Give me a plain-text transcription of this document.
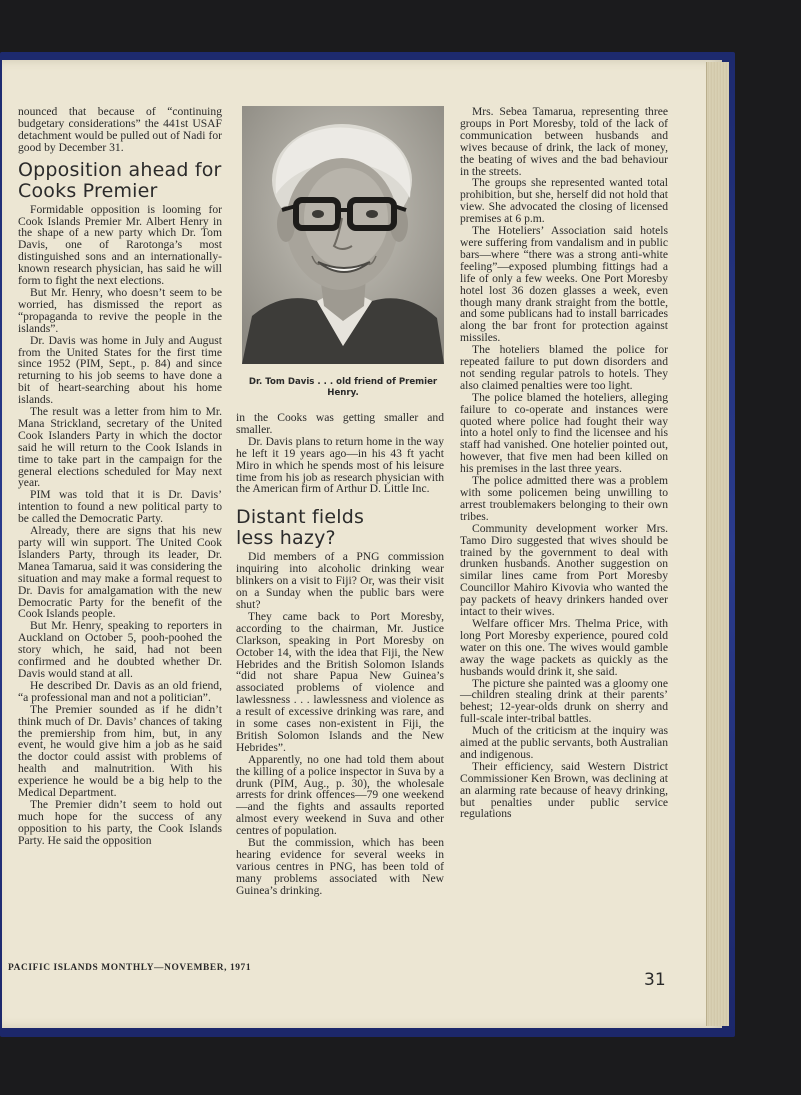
nounced that because of “continuing budgetary considerations” the 441st USAF detachment would be pulled out of Nadi for good by December 31.

Opposition ahead for Cooks Premier

Formidable opposition is looming for Cook Islands Premier Mr. Albert Henry in the shape of a new party which Dr. Tom Davis, one of Rarotonga’s most distinguished sons and an internationally-known research physician, has said he will form to fight the next elections.

But Mr. Henry, who doesn’t seem to be worried, has dismissed the report as “propaganda to revive the people in the islands”.

Dr. Davis was home in July and August from the United States for the first time since 1952 (PIM, Sept., p. 84) and since returning to his job seems to have done a bit of heart-searching about his home islands.

The result was a letter from him to Mr. Mana Strickland, secretary of the United Cook Islanders Party in which the doctor said he will return to the Cook Islands in time to take part in the campaign for the general elections scheduled for May next year.

PIM was told that it is Dr. Davis’ intention to found a new political party to be called the Democratic Party.

Already, there are signs that his new party will win support. The United Cook Islanders Party, through its leader, Dr. Manea Tamarua, said it was considering the situation and may make a formal request to Dr. Davis for amalgamation with the new Democratic Party for the benefit of the Cook Islands people.

But Mr. Henry, speaking to reporters in Auckland on October 5, pooh-poohed the story which, he said, had not been confirmed and he doubted whether Dr. Davis would stand at all.

He described Dr. Davis as an old friend, “a professional man and not a politician”.

The Premier sounded as if he didn’t think much of Dr. Davis’ chances of taking the premiership from him, but, in any event, he would give him a job as he said the doctor could assist with problems of health and malnutrition. With his experience he would be a big help to the Medical Department.

The Premier didn’t seem to hold out much hope for the success of any opposition to his party, the Cook Islands Party. He said the opposition

Dr. Tom Davis . . . old friend of Premier Henry.

in the Cooks was getting smaller and smaller.

Dr. Davis plans to return home in the way he left it 19 years ago—in his 43 ft yacht Miro in which he spends most of his leisure time from his job as research physician with the American firm of Arthur D. Little Inc.

Distant fields less hazy?

Did members of a PNG commission inquiring into alcoholic drinking wear blinkers on a visit to Fiji? Or, was their visit on a Sunday when the public bars were shut?

They came back to Port Moresby, according to the chairman, Mr. Justice Clarkson, speaking in Port Moresby on October 14, with the idea that Fiji, the New Hebrides and the British Solomon Islands “did not share Papua New Guinea’s associated problems of violence and lawlessness . . . lawlessness and violence as a result of excessive drinking was rare, and in some cases non-existent in Fiji, the British Solomon Islands and the New Hebrides”.

Apparently, no one had told them about the killing of a police inspector in Suva by a drunk (PIM, Aug., p. 30), the wholesale arrests for drink offences—79 one weekend—and the fights and assaults reported almost every weekend in Suva and other centres of population.

But the commission, which has been hearing evidence for several weeks in various centres in PNG, has been told of many problems associated with New Guinea’s drinking.

Mrs. Sebea Tamarua, representing three groups in Port Moresby, told of the lack of communication between husbands and wives because of drink, the lack of money, the beating of wives and the bad behaviour in the streets.

The groups she represented wanted total prohibition, but she, herself did not hold that view. She advocated the closing of licensed premises at 6 p.m.

The Hoteliers’ Association said hotels were suffering from vandalism and in public bars—where “there was a strong anti-white feeling”—exposed plumbing fittings had a life of only a few weeks. One Port Moresby hotel lost 36 dozen glasses a week, even though many drank straight from the bottle, and some publicans had to install barricades along the bar front for protection against missiles.

The hoteliers blamed the police for repeated failure to put down disorders and not sending regular patrols to hotels. They also claimed penalties were too light.

The police blamed the hoteliers, alleging failure to co-operate and instances were quoted where police had fought their way into a hotel only to find the licensee and his staff had vanished. One hotelier pointed out, however, that five men had been killed on his premises in the last three years.

The police admitted there was a problem with some policemen being unwilling to arrest troublemakers belonging to their own tribes.

Community development worker Mrs. Tamo Diro suggested that wives should be trained by the government to deal with drunken husbands. Another suggestion on similar lines came from Port Moresby Councillor Mahiro Kivovia who wanted the pay packets of heavy drinkers handed over intact to their wives.

Welfare officer Mrs. Thelma Price, with long Port Moresby experience, poured cold water on this one. The wives would gamble away the wage packets as quickly as the husbands would drink it, she said.

The picture she painted was a gloomy one—children stealing drink at their parents’ behest; 12-year-olds drunk on sherry and full-scale inter-tribal battles.

Much of the criticism at the inquiry was aimed at the public servants, both Australian and indigenous.

Their efficiency, said Western District Commissioner Ken Brown, was declining at an alarming rate because of heavy drinking, but penalties under public service regulations

PACIFIC ISLANDS MONTHLY—NOVEMBER, 1971
31
